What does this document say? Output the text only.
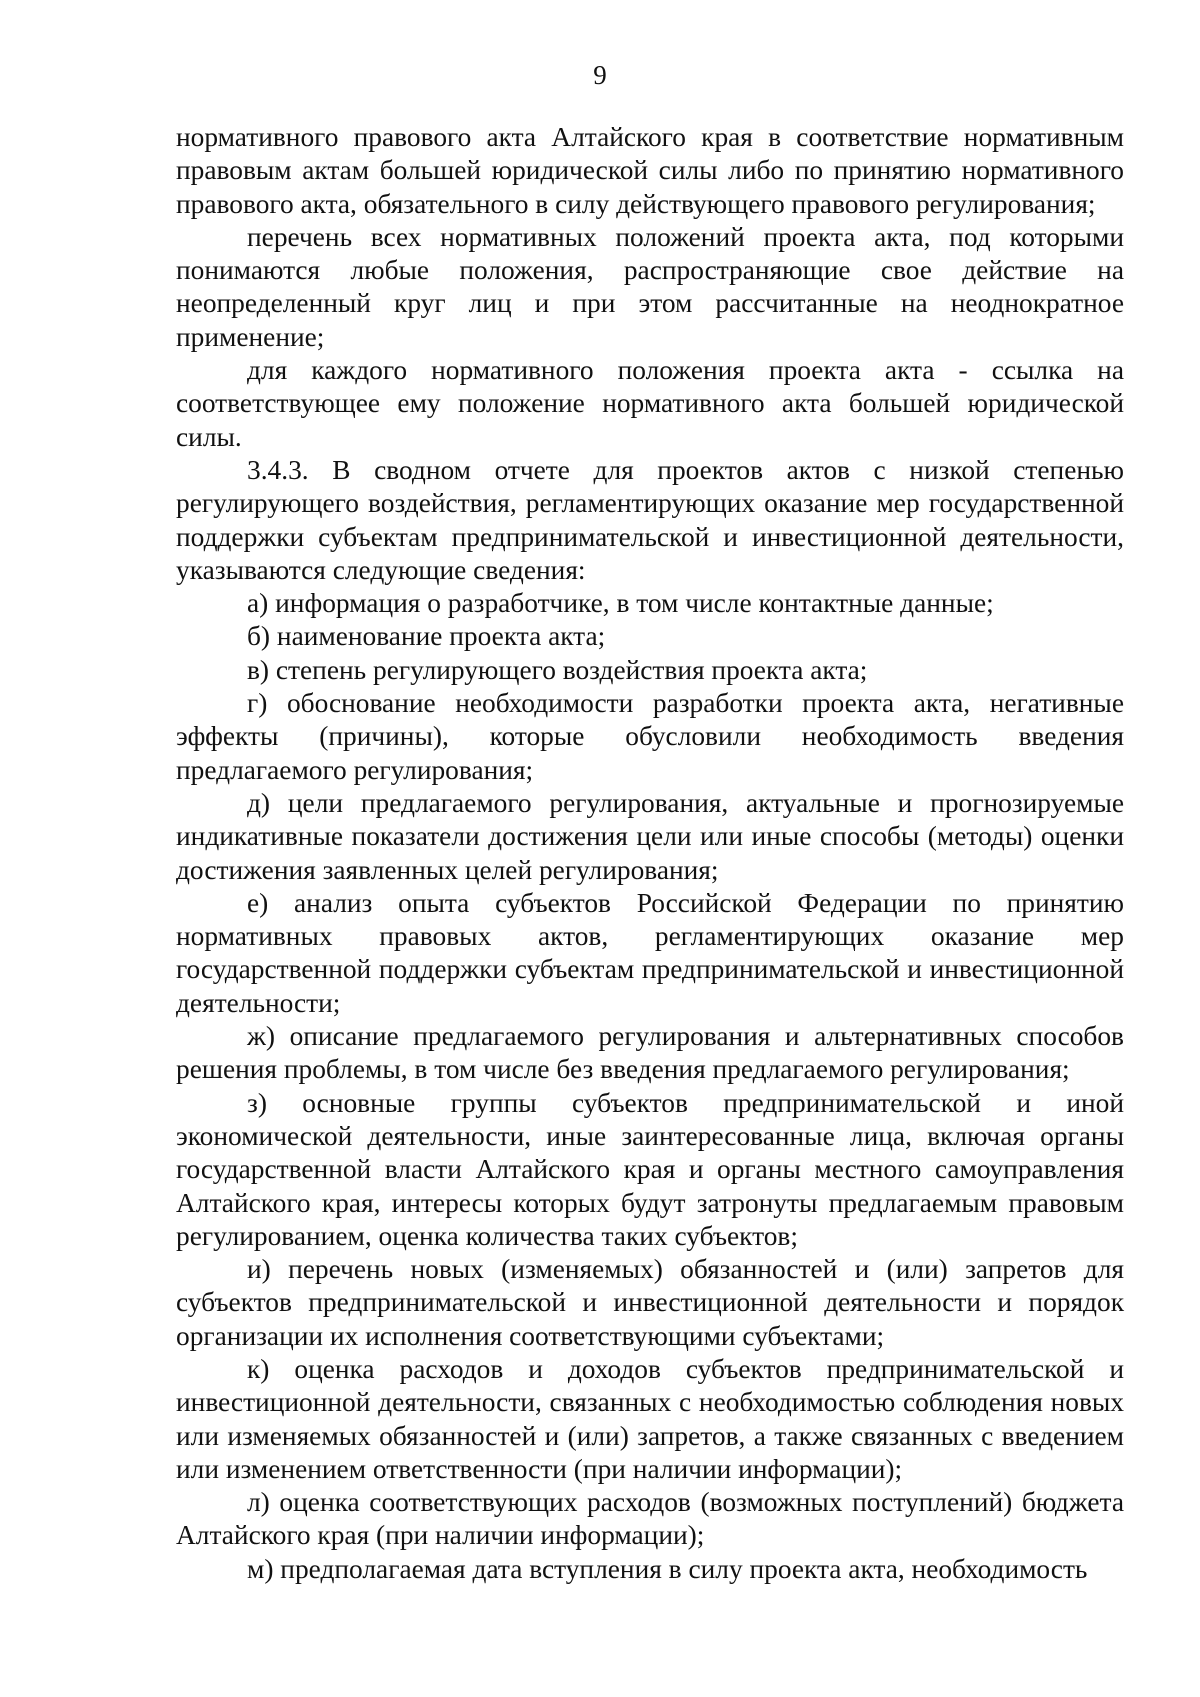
9

нормативного правового акта Алтайского края в соответствие нормативным правовым актам большей юридической силы либо по принятию нормативного правового акта, обязательного в силу действующего правового регулирования;

перечень всех нормативных положений проекта акта, под которыми понимаются любые положения, распространяющие свое действие на неопределенный круг лиц и при этом рассчитанные на неоднократное применение;

для каждого нормативного положения проекта акта - ссылка на соответствующее ему положение нормативного акта большей юридической силы.

3.4.3. В сводном отчете для проектов актов с низкой степенью регулирующего воздействия, регламентирующих оказание мер государственной поддержки субъектам предпринимательской и инвестиционной деятельности, указываются следующие сведения:

а) информация о разработчике, в том числе контактные данные;

б) наименование проекта акта;

в) степень регулирующего воздействия проекта акта;

г) обоснование необходимости разработки проекта акта, негативные эффекты (причины), которые обусловили необходимость введения предлагаемого регулирования;

д) цели предлагаемого регулирования, актуальные и прогнозируемые индикативные показатели достижения цели или иные способы (методы) оценки достижения заявленных целей регулирования;

е) анализ опыта субъектов Российской Федерации по принятию нормативных правовых актов, регламентирующих оказание мер государственной поддержки субъектам предпринимательской и инвестиционной деятельности;

ж) описание предлагаемого регулирования и альтернативных способов решения проблемы, в том числе без введения предлагаемого регулирования;

з) основные группы субъектов предпринимательской и иной экономической деятельности, иные заинтересованные лица, включая органы государственной власти Алтайского края и органы местного самоуправления Алтайского края, интересы которых будут затронуты предлагаемым правовым регулированием, оценка количества таких субъектов;

и) перечень новых (изменяемых) обязанностей и (или) запретов для субъектов предпринимательской и инвестиционной деятельности и порядок организации их исполнения соответствующими субъектами;

к) оценка расходов и доходов субъектов предпринимательской и инвестиционной деятельности, связанных с необходимостью соблюдения новых или изменяемых обязанностей и (или) запретов, а также связанных с введением или изменением ответственности (при наличии информации);

л) оценка соответствующих расходов (возможных поступлений) бюджета Алтайского края (при наличии информации);

м) предполагаемая дата вступления в силу проекта акта, необходимость
